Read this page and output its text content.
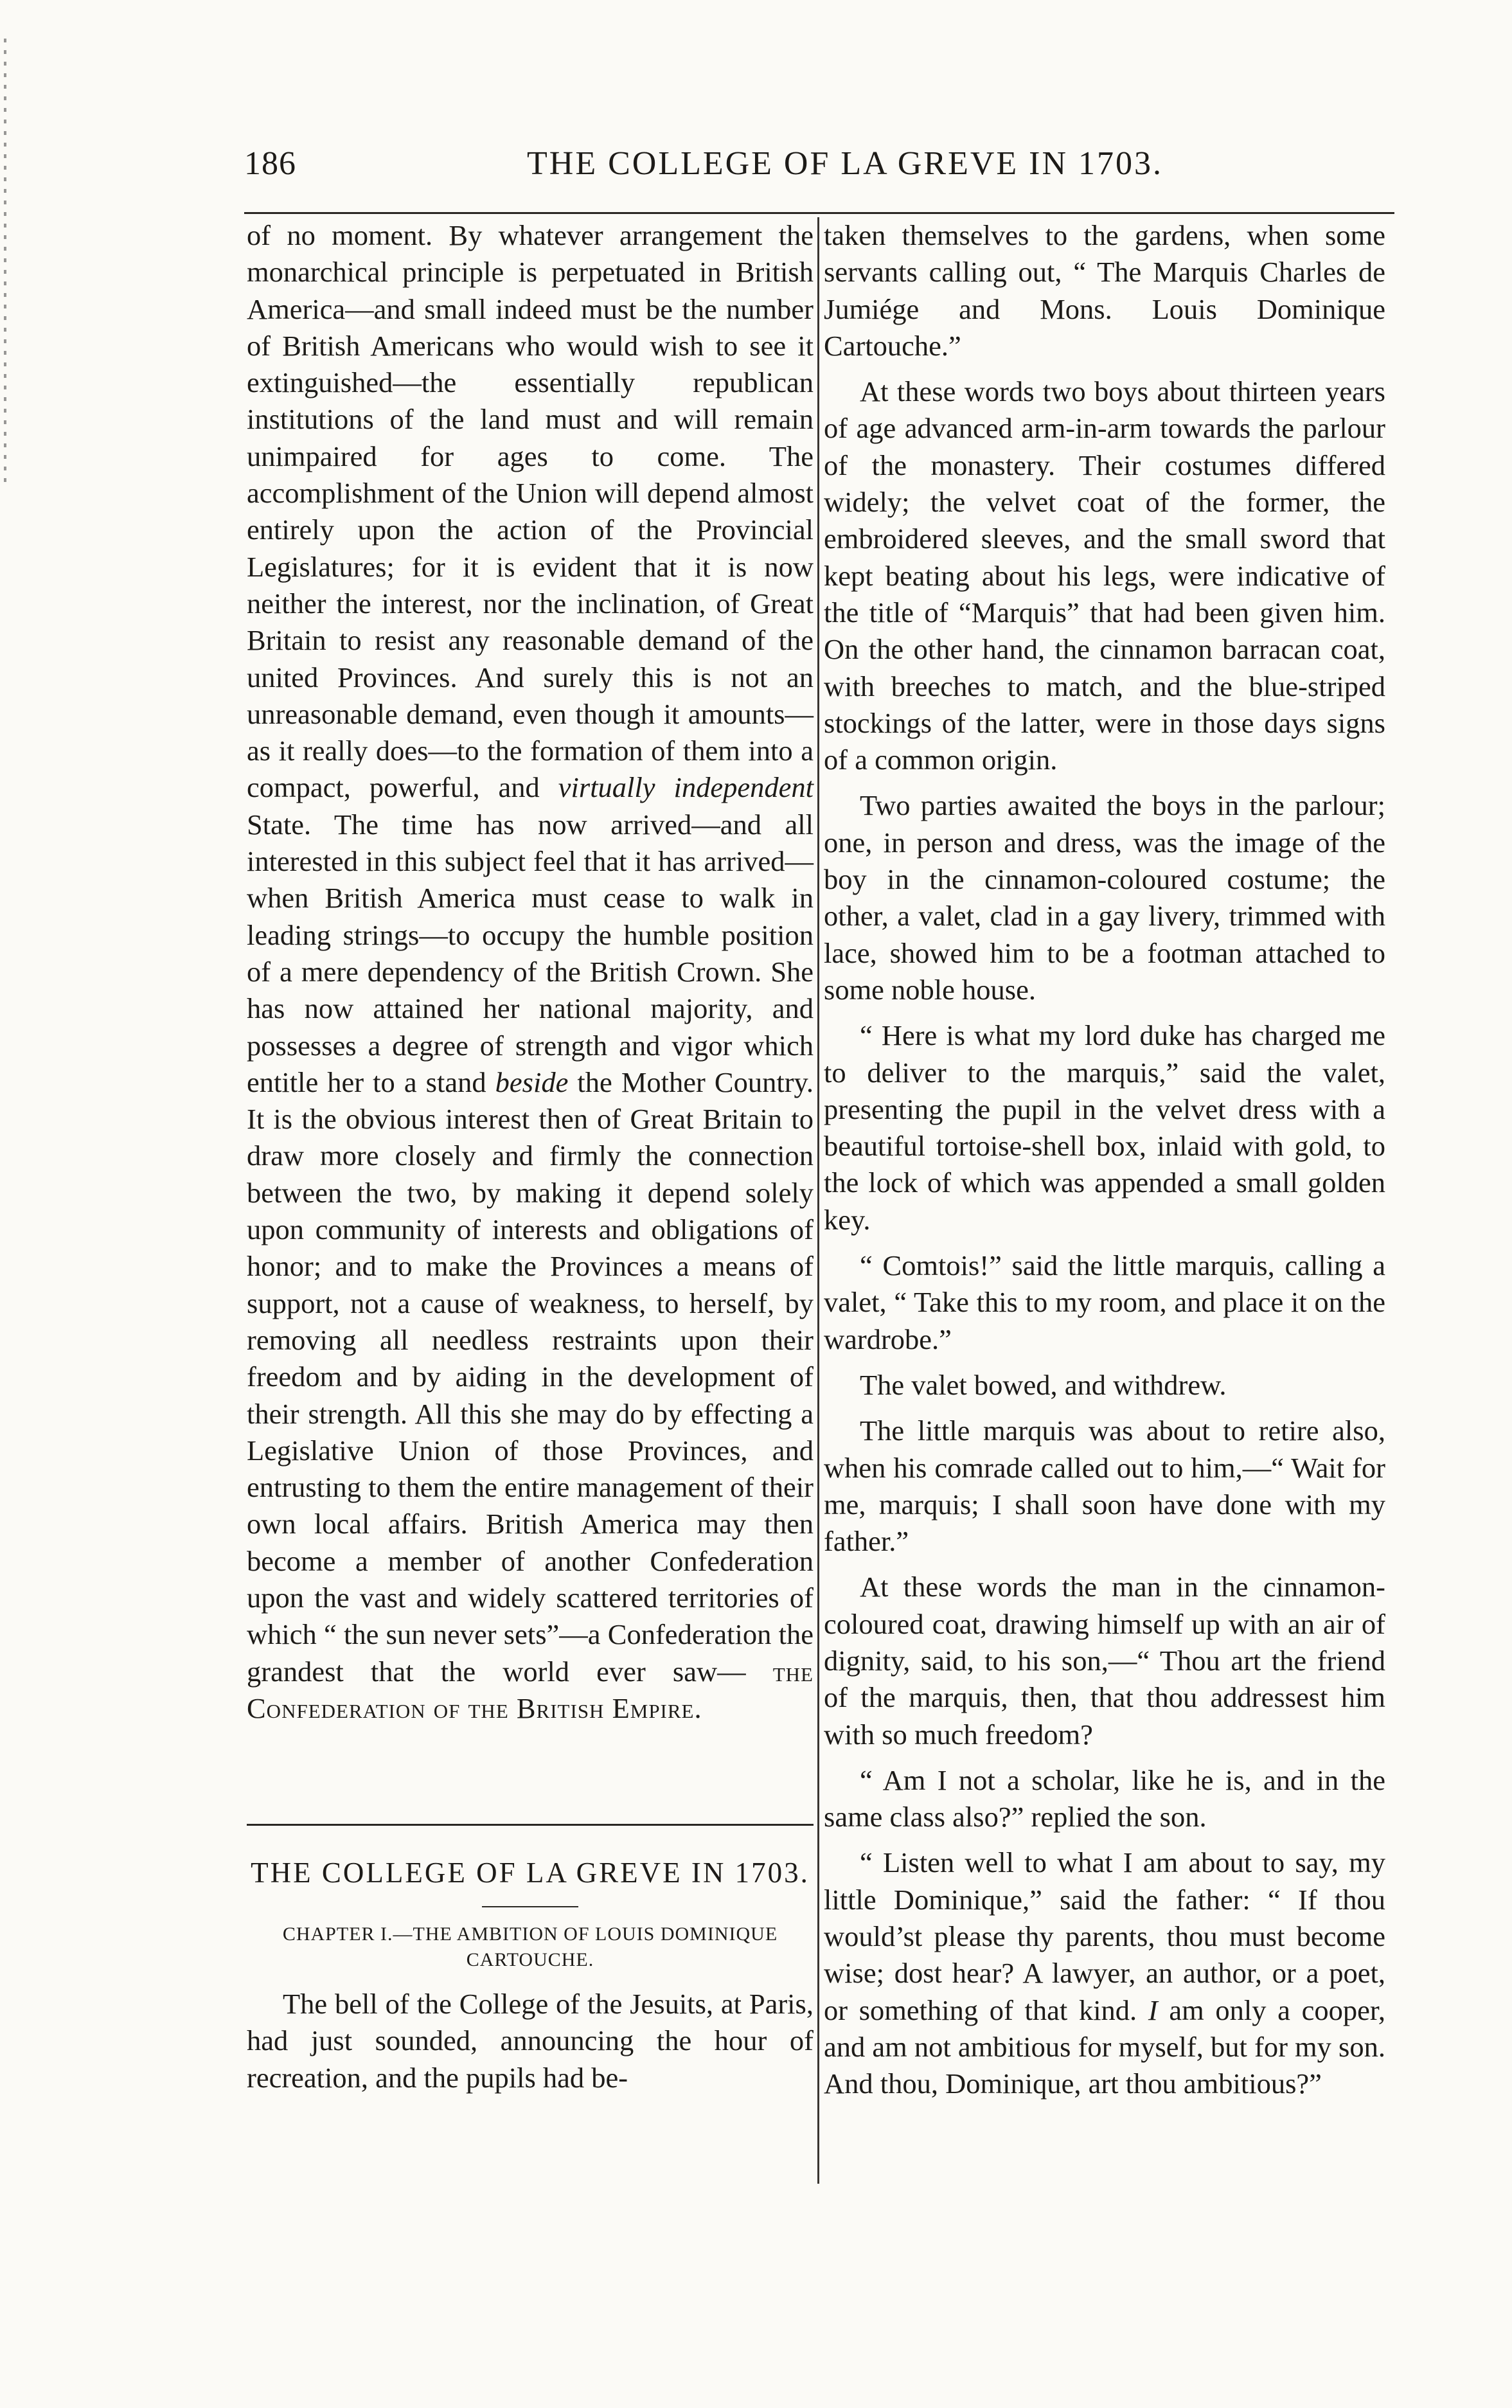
186	THE COLLEGE OF LA GREVE IN 1703.

of no moment. By whatever arrangement the monarchical principle is perpetuated in British America—and small indeed must be the number of British Americans who would wish to see it extinguished—the essentially republican institutions of the land must and will remain unimpaired for ages to come. The accomplishment of the Union will depend almost entirely upon the action of the Provincial Legislatures; for it is evident that it is now neither the interest, nor the inclination, of Great Britain to resist any reasonable demand of the united Provinces. And surely this is not an unreasonable demand, even though it amounts—as it really does—to the formation of them into a compact, powerful, and virtually independent State. The time has now arrived—and all interested in this subject feel that it has arrived—when British America must cease to walk in leading strings—to occupy the humble position of a mere dependency of the British Crown. She has now attained her national majority, and possesses a degree of strength and vigor which entitle her to a stand beside the Mother Country. It is the obvious interest then of Great Britain to draw more closely and firmly the connection between the two, by making it depend solely upon community of interests and obligations of honor; and to make the Provinces a means of support, not a cause of weakness, to herself, by removing all needless restraints upon their freedom and by aiding in the development of their strength. All this she may do by effecting a Legislative Union of those Provinces, and entrusting to them the entire management of their own local affairs. British America may then become a member of another Confederation upon the vast and widely scattered territories of which “ the sun never sets”—a Confederation the grandest that the world ever saw— the Confederation of the British Empire.

THE COLLEGE OF LA GREVE IN 1703.
CHAPTER I.—THE AMBITION OF LOUIS DOMINIQUE CARTOUCHE.

The bell of the College of the Jesuits, at Paris, had just sounded, announcing the hour of recreation, and the pupils had be-

taken themselves to the gardens, when some servants calling out, “ The Marquis Charles de Jumiége and Mons. Louis Dominique Cartouche.”

At these words two boys about thirteen years of age advanced arm-in-arm towards the parlour of the monastery. Their costumes differed widely; the velvet coat of the former, the embroidered sleeves, and the small sword that kept beating about his legs, were indicative of the title of “Marquis” that had been given him. On the other hand, the cinnamon barracan coat, with breeches to match, and the blue-striped stockings of the latter, were in those days signs of a common origin.

Two parties awaited the boys in the parlour; one, in person and dress, was the image of the boy in the cinnamon-coloured costume; the other, a valet, clad in a gay livery, trimmed with lace, showed him to be a footman attached to some noble house.

“ Here is what my lord duke has charged me to deliver to the marquis,” said the valet, presenting the pupil in the velvet dress with a beautiful tortoise-shell box, inlaid with gold, to the lock of which was appended a small golden key.

“ Comtois!” said the little marquis, calling a valet, “ Take this to my room, and place it on the wardrobe.”

The valet bowed, and withdrew.

The little marquis was about to retire also, when his comrade called out to him,—“ Wait for me, marquis; I shall soon have done with my father.”

At these words the man in the cinnamon-coloured coat, drawing himself up with an air of dignity, said, to his son,—“ Thou art the friend of the marquis, then, that thou addressest him with so much freedom?

“ Am I not a scholar, like he is, and in the same class also?” replied the son.

“ Listen well to what I am about to say, my little Dominique,” said the father: “ If thou would’st please thy parents, thou must become wise; dost hear? A lawyer, an author, or a poet, or something of that kind. I am only a cooper, and am not ambitious for myself, but for my son. And thou, Dominique, art thou ambitious?”
